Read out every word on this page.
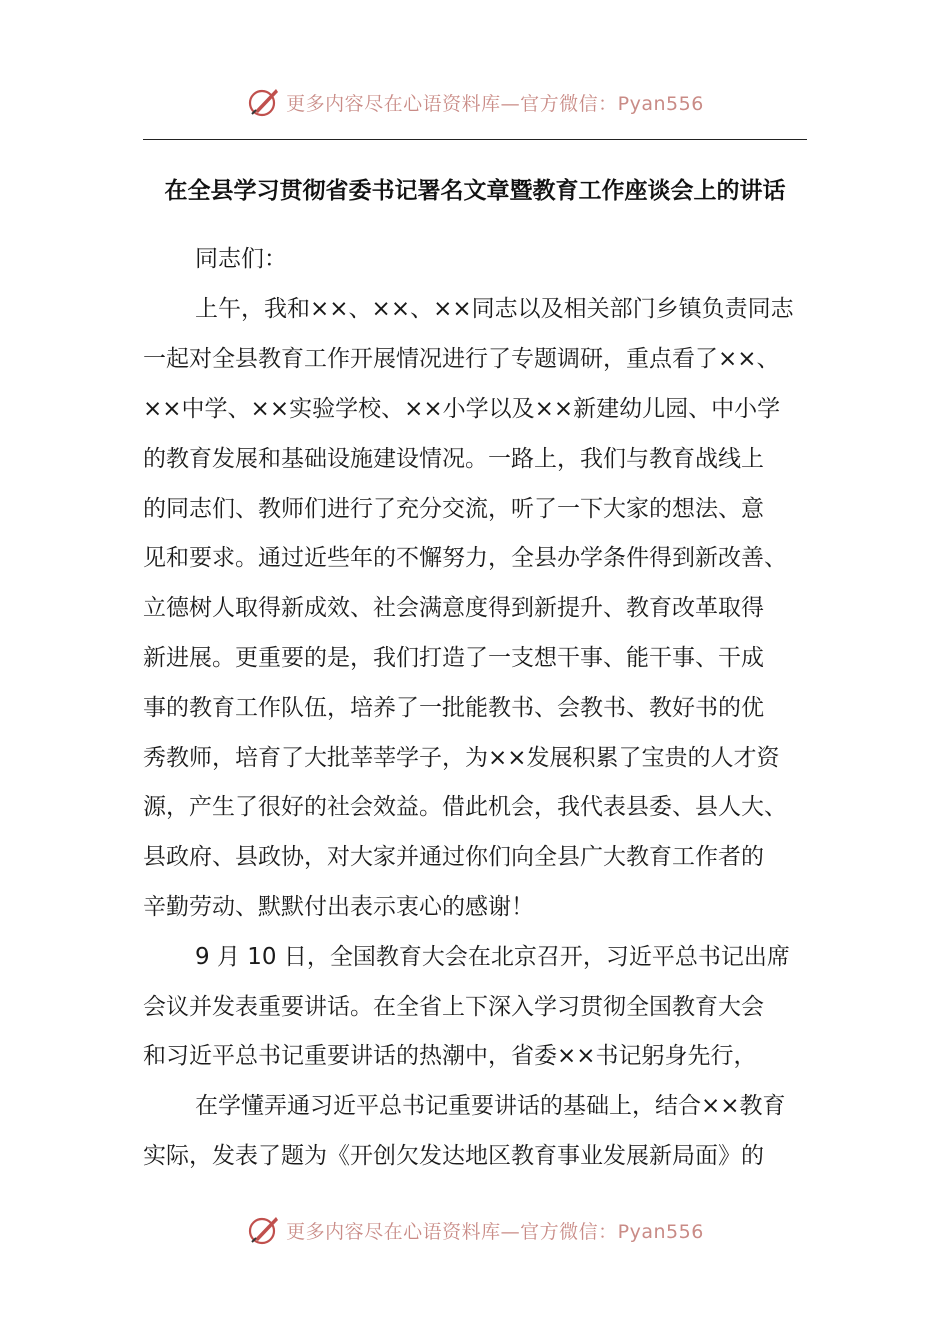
更多内容尽在心语资料库—官方微信：Pyan556
在全县学习贯彻省委书记署名文章暨教育工作座谈会上的讲话
同志们：
上午，我和××、××、××同志以及相关部门乡镇负责同志
一起对全县教育工作开展情况进行了专题调研，重点看了××、
××中学、××实验学校、××小学以及××新建幼儿园、中小学
的教育发展和基础设施建设情况。一路上，我们与教育战线上
的同志们、教师们进行了充分交流，听了一下大家的想法、意
见和要求。通过近些年的不懈努力，全县办学条件得到新改善、
立德树人取得新成效、社会满意度得到新提升、教育改革取得
新进展。更重要的是，我们打造了一支想干事、能干事、干成
事的教育工作队伍，培养了一批能教书、会教书、教好书的优
秀教师，培育了大批莘莘学子，为××发展积累了宝贵的人才资
源，产生了很好的社会效益。借此机会，我代表县委、县人大、
县政府、县政协，对大家并通过你们向全县广大教育工作者的
辛勤劳动、默默付出表示衷心的感谢！
9 月 10 日，全国教育大会在北京召开，习近平总书记出席
会议并发表重要讲话。在全省上下深入学习贯彻全国教育大会
和习近平总书记重要讲话的热潮中，省委××书记躬身先行，
在学懂弄通习近平总书记重要讲话的基础上，结合××教育
实际，发表了题为《开创欠发达地区教育事业发展新局面》的
更多内容尽在心语资料库—官方微信：Pyan556
